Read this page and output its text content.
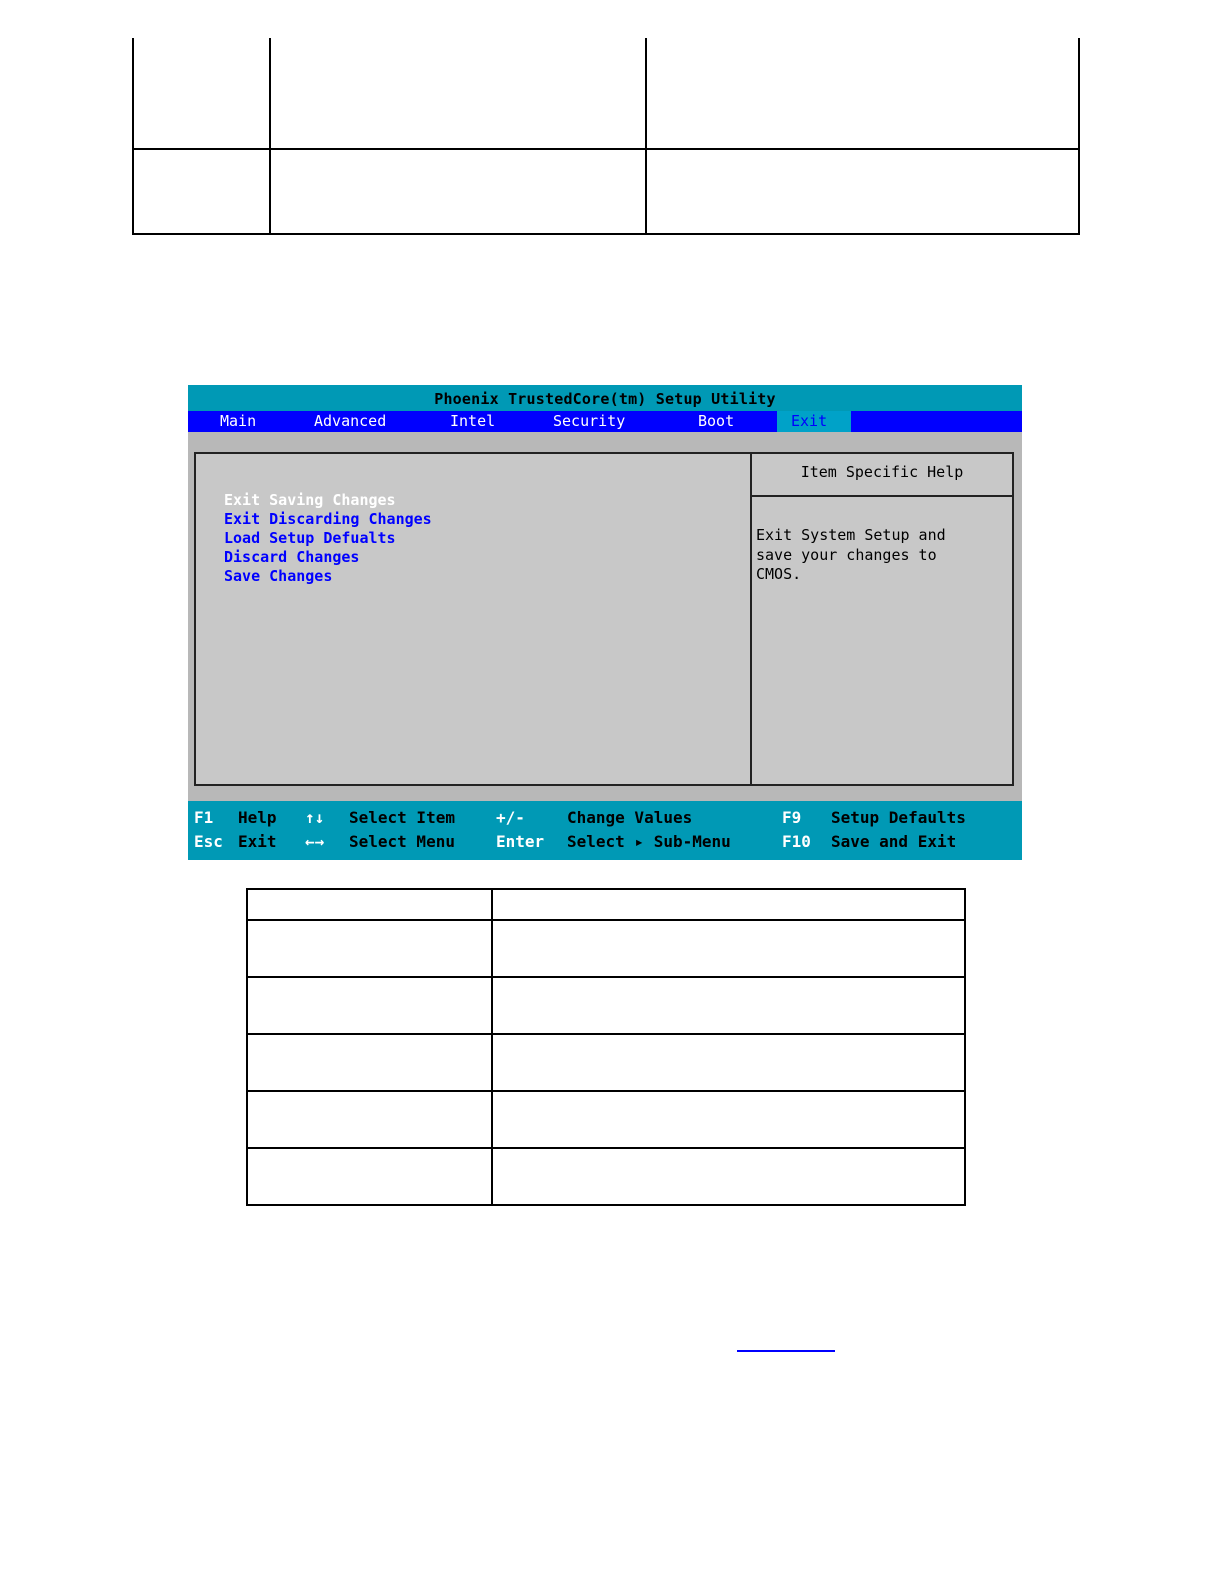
Phoenix TrustedCore(tm) Setup Utility
Main	Advanced	Intel	Security	Boot	Exit
Exit Saving Changes
Exit Discarding Changes
Load Setup Defualts
Discard Changes
Save Changes
Item Specific Help
Exit System Setup and
save your changes to
CMOS.
F1 Help ↑↓ Select Item	+/-	Change Values	F9 Setup Defaults
Esc Exit ←→ Select Menu	Enter Select ▸ Sub-Menu	F10 Save and Exit
